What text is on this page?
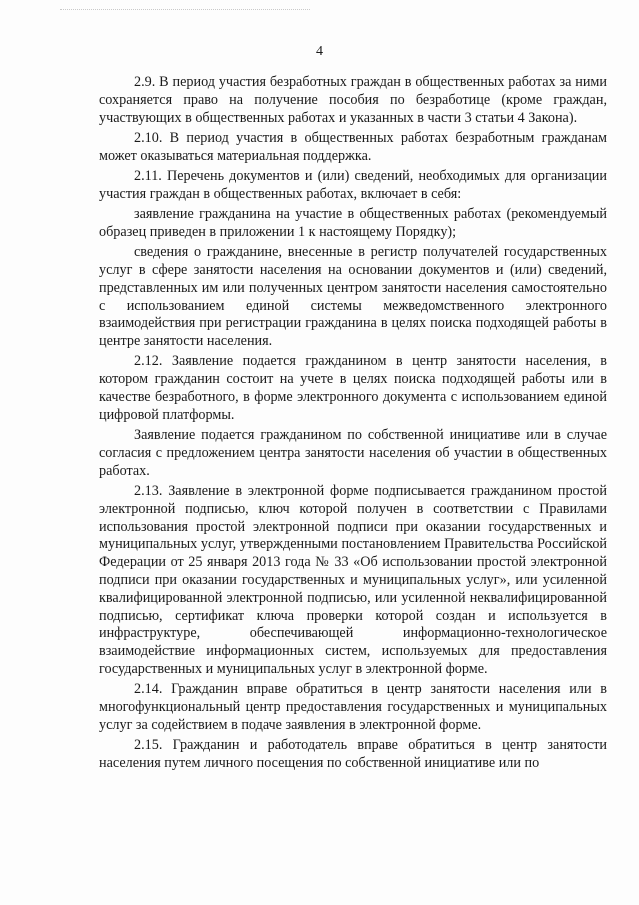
4

2.9. В период участия безработных граждан в общественных работах за ними сохраняется право на получение пособия по безработице (кроме граждан, участвующих в общественных работах и указанных в части 3 статьи 4 Закона).

2.10. В период участия в общественных работах безработным гражданам может оказываться материальная поддержка.

2.11. Перечень документов и (или) сведений, необходимых для организации участия граждан в общественных работах, включает в себя:

заявление гражданина на участие в общественных работах (рекомендуемый образец приведен в приложении 1 к настоящему Порядку);

сведения о гражданине, внесенные в регистр получателей государственных услуг в сфере занятости населения на основании документов и (или) сведений, представленных им или полученных центром занятости населения самостоятельно с использованием единой системы межведомственного электронного взаимодействия при регистрации гражданина в целях поиска подходящей работы в центре занятости населения.

2.12. Заявление подается гражданином в центр занятости населения, в котором гражданин состоит на учете в целях поиска подходящей работы или в качестве безработного, в форме электронного документа с использованием единой цифровой платформы.

Заявление подается гражданином по собственной инициативе или в случае согласия с предложением центра занятости населения об участии в общественных работах.

2.13. Заявление в электронной форме подписывается гражданином простой электронной подписью, ключ которой получен в соответствии с Правилами использования простой электронной подписи при оказании государственных и муниципальных услуг, утвержденными постановлением Правительства Российской Федерации от 25 января 2013 года № 33 «Об использовании простой электронной подписи при оказании государственных и муниципальных услуг», или усиленной квалифицированной электронной подписью, или усиленной неквалифицированной подписью, сертификат ключа проверки которой создан и используется в инфраструктуре, обеспечивающей информационно-технологическое взаимодействие информационных систем, используемых для предоставления государственных и муниципальных услуг в электронной форме.

2.14. Гражданин вправе обратиться в центр занятости населения или в многофункциональный центр предоставления государственных и муниципальных услуг за содействием в подаче заявления в электронной форме.

2.15. Гражданин и работодатель вправе обратиться в центр занятости населения путем личного посещения по собственной инициативе или по
